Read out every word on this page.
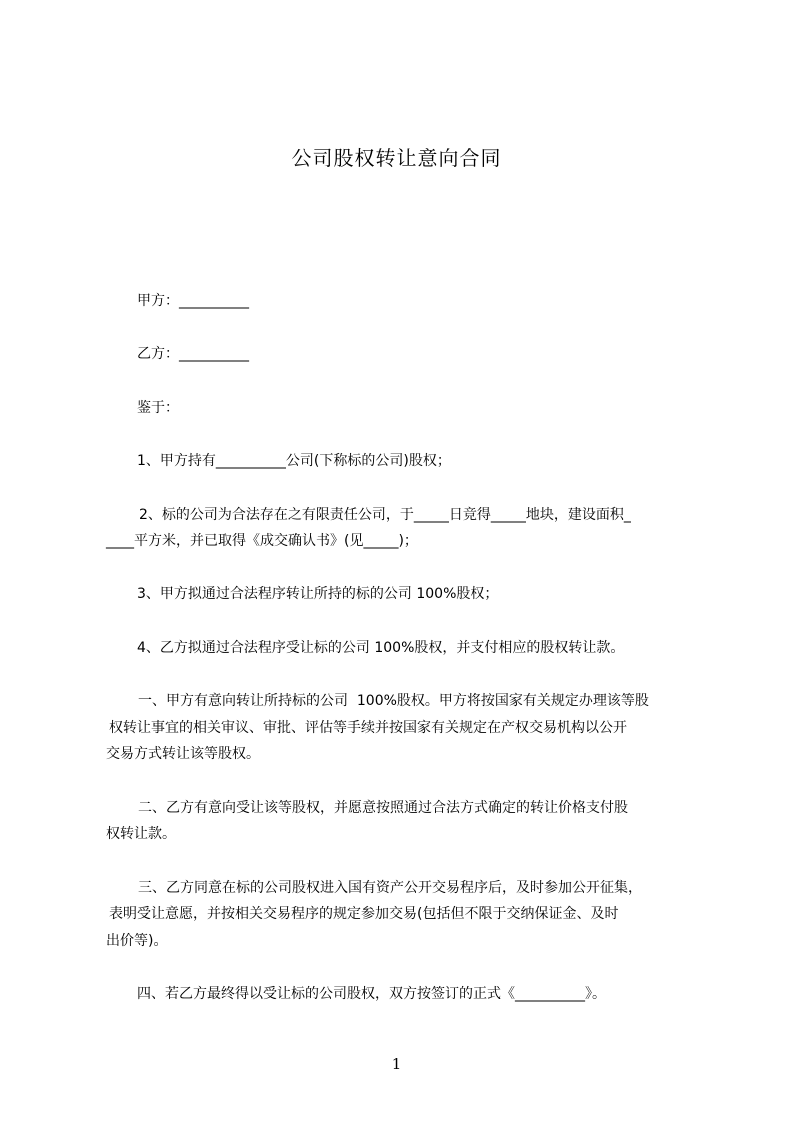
公司股权转让意向合同
甲方：__________
乙方：__________
鉴于：
1、甲方持有__________公司(下称标的公司)股权；
2、标的公司为合法存在之有限责任公司，于_____日竞得_____地块，建设面积_
____平方米，并已取得《成交确认书》(见_____)；
3、甲方拟通过合法程序转让所持的标的公司 100%股权；
4、乙方拟通过合法程序受让标的公司 100%股权，并支付相应的股权转让款。
一、甲方有意向转让所持标的公司  100%股权。甲方将按国家有关规定办理该等股
权转让事宜的相关审议、审批、评估等手续并按国家有关规定在产权交易机构以公开
交易方式转让该等股权。
二、乙方有意向受让该等股权，并愿意按照通过合法方式确定的转让价格支付股
权转让款。
三、乙方同意在标的公司股权进入国有资产公开交易程序后，及时参加公开征集，
表明受让意愿，并按相关交易程序的规定参加交易(包括但不限于交纳保证金、及时
出价等)。
四、若乙方最终得以受让标的公司股权，双方按签订的正式《__________》。
1
